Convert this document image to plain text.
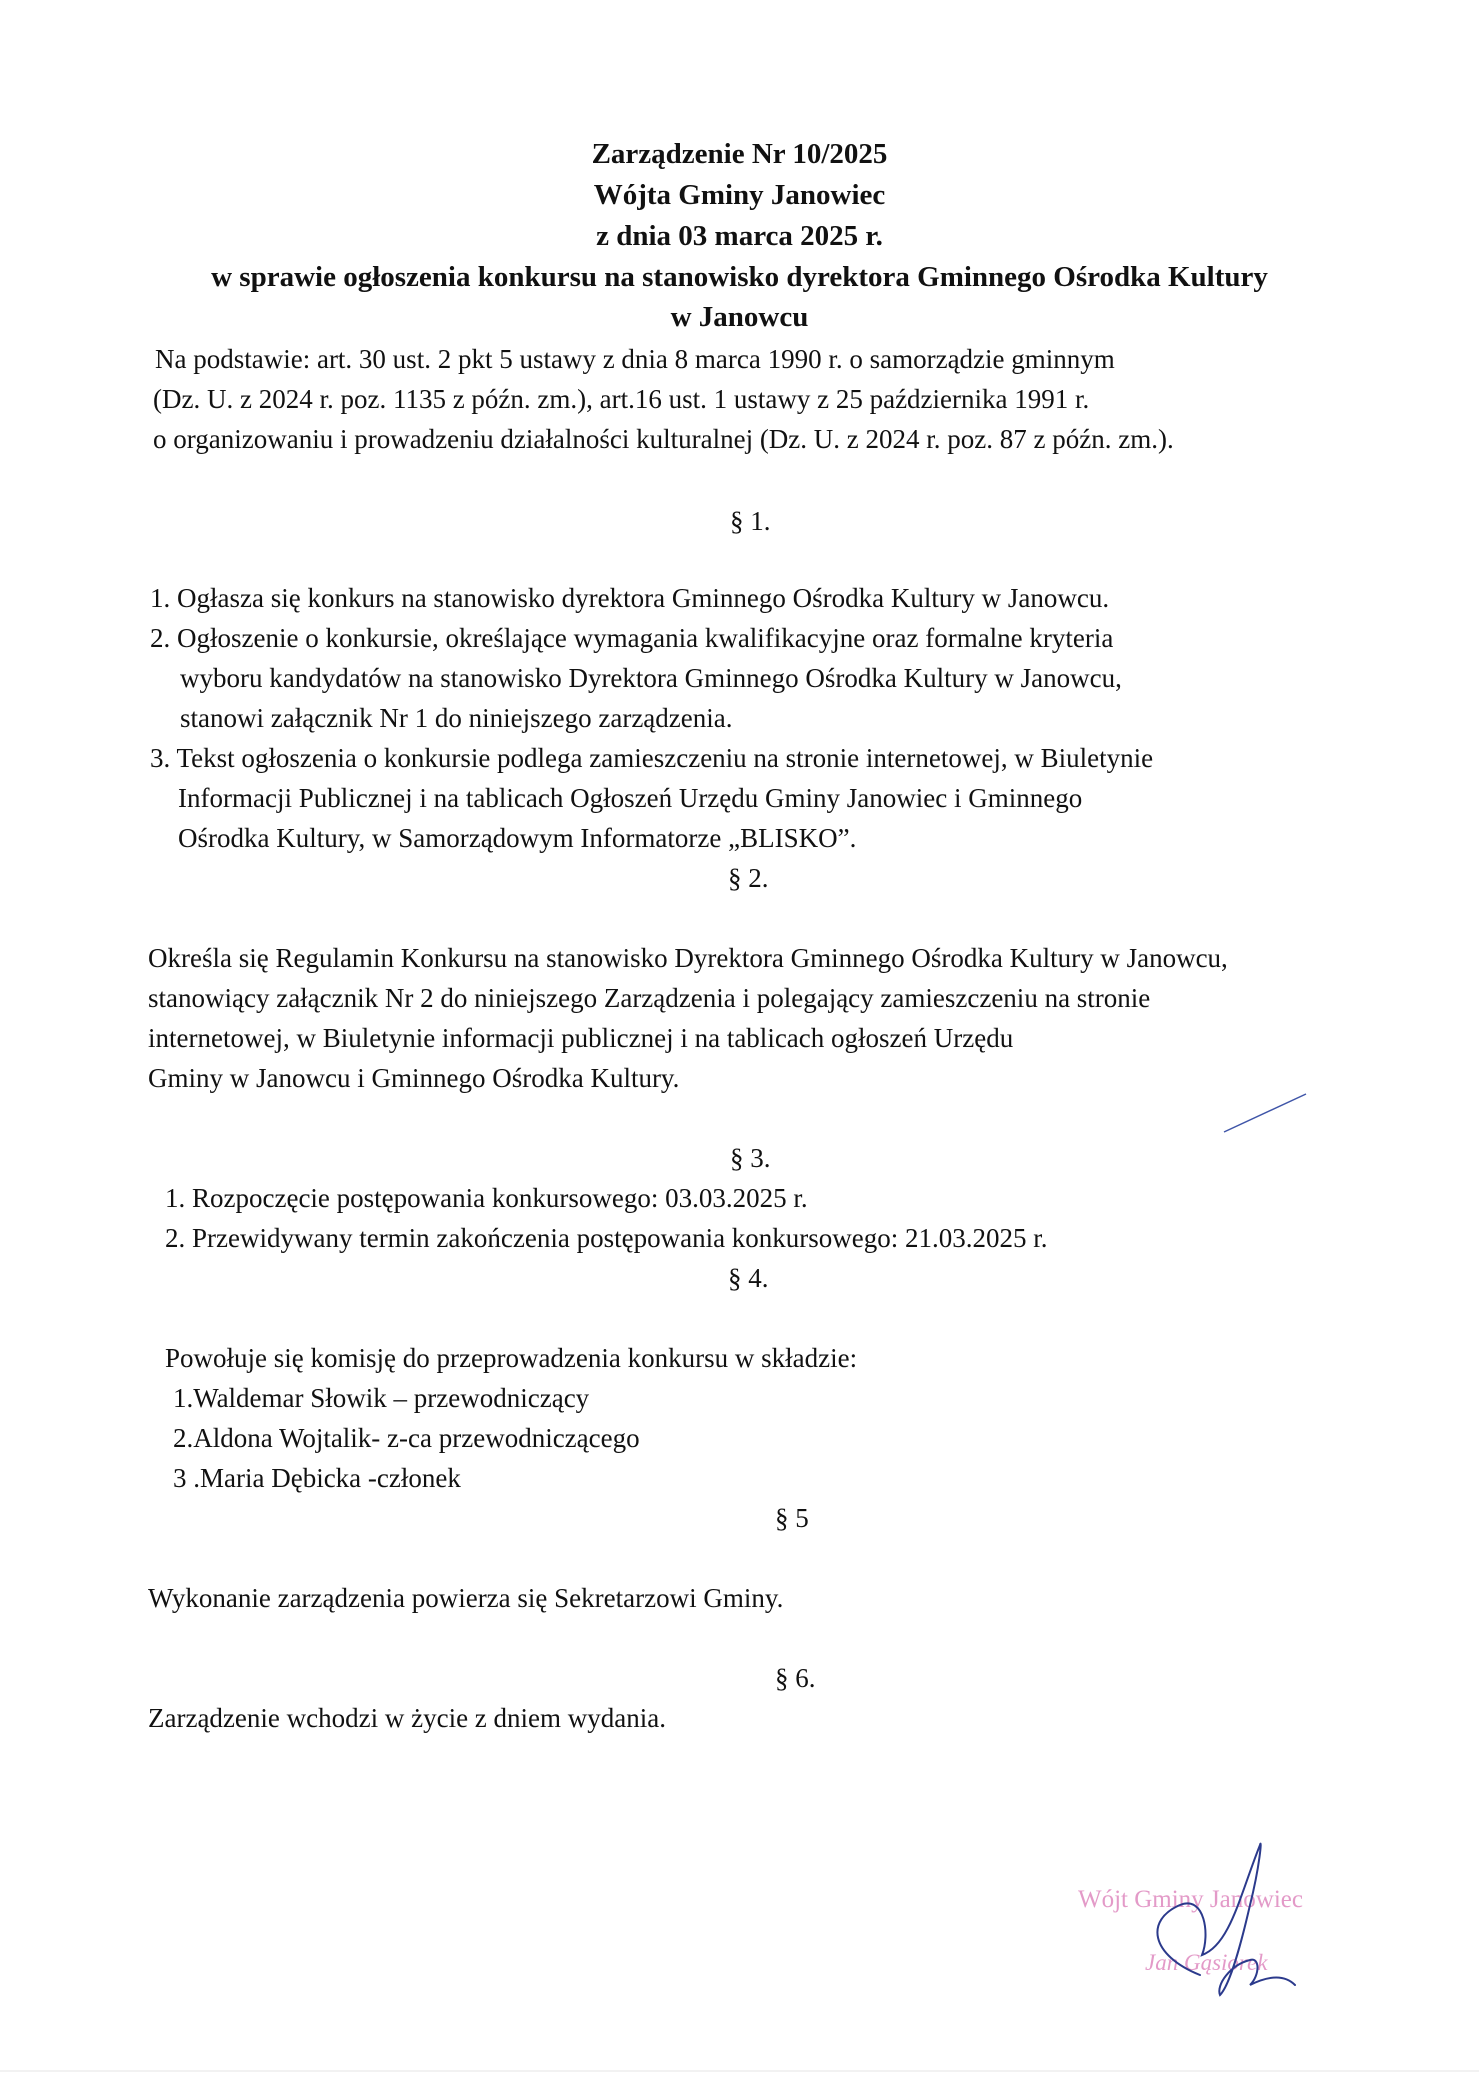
Zarządzenie Nr 10/2025
Wójta Gminy Janowiec
z dnia 03 marca 2025 r.
w sprawie ogłoszenia konkursu na stanowisko dyrektora Gminnego Ośrodka Kultury
w Janowcu
Na podstawie: art. 30 ust. 2 pkt 5 ustawy z dnia 8 marca 1990 r. o samorządzie gminnym
(Dz. U. z 2024 r. poz. 1135 z późn. zm.), art.16 ust. 1 ustawy z 25 października 1991 r.
o organizowaniu i prowadzeniu działalności kulturalnej (Dz. U. z 2024 r. poz. 87 z późn. zm.).
§ 1.
1. Ogłasza się konkurs na stanowisko dyrektora Gminnego Ośrodka Kultury w Janowcu.
2. Ogłoszenie o konkursie, określające wymagania kwalifikacyjne oraz formalne kryteria
wyboru kandydatów na stanowisko Dyrektora Gminnego Ośrodka Kultury w Janowcu,
stanowi załącznik Nr 1 do niniejszego zarządzenia.
3. Tekst ogłoszenia o konkursie podlega zamieszczeniu na stronie internetowej, w Biuletynie
Informacji Publicznej i na tablicach Ogłoszeń Urzędu Gminy Janowiec i Gminnego
Ośrodka Kultury, w Samorządowym Informatorze „BLISKO”.
§ 2.
Określa się Regulamin Konkursu na stanowisko Dyrektora Gminnego Ośrodka Kultury w Janowcu,
stanowiący załącznik Nr 2 do niniejszego Zarządzenia i polegający zamieszczeniu na stronie
internetowej, w Biuletynie informacji publicznej i na tablicach ogłoszeń Urzędu
Gminy w Janowcu i Gminnego Ośrodka Kultury.
§ 3.
1. Rozpoczęcie postępowania konkursowego: 03.03.2025 r.
2. Przewidywany termin zakończenia postępowania konkursowego: 21.03.2025 r.
§ 4.
Powołuje się komisję do przeprowadzenia konkursu w składzie:
1.Waldemar Słowik – przewodniczący
2.Aldona Wojtalik- z-ca przewodniczącego
3 .Maria Dębicka -członek
§ 5
Wykonanie zarządzenia powierza się Sekretarzowi Gminy.
§ 6.
Zarządzenie wchodzi w życie z dniem wydania.
Wójt Gminy Janowiec
Jan Gąsiorek
